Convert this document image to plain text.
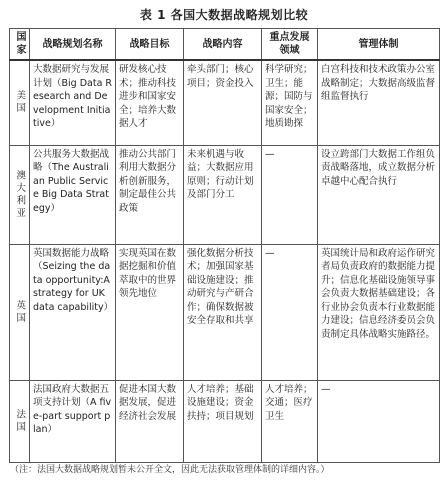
表 1 各国大数据战略规划比较
国家	战略规划名称	战略目标	战略内容	重点发展领域	管理体制
美国	大数据研究与发展计划（Big Data Research and Development Initiative）	研发核心技术；推动科技进步和国家安全；培养大数据人才	牵头部门；核心项目；资金投入	科学研究；卫生；能源；国防与国家安全；地质勘探	白宫科技和技术政策办公室战略制定；大数据高级监督组监督执行
澳大利亚	公共服务大数据战略（The Australian Public Service Big Data Strategy）	推动公共部门利用大数据分析创新服务，制定最佳公共政策	未来机遇与收益；大数据应用原则；行动计划及部门分工	—	设立跨部门大数据工作组负责战略落地，成立数据分析卓越中心配合执行
英国	英国数据能力战略（Seizing the data opportunity:A strategy for UK data capability）	实现英国在数据挖掘和价值萃取中的世界领先地位	强化数据分析技术；加强国家基础设施建设；推动研究与产研合作；确保数据被安全存取和共享	—	英国统计局和政府运作研究者局负责政府的数据能力提升；信息化基础设施领导事会负责大数据基础建设；各行业协会负责本行业数据能力建设；信息经济委员会负责制定具体战略实施路径。
法国	法国政府大数据五项支持计划（A five-part support plan）	促进本国大数据发展，促进经济社会发展	人才培养；基础设施建设；资金扶持；项目规划	人才培养；交通；医疗卫生	—
（注：法国大数据战略规划暂未公开全文，因此无法获取管理体制的详细内容。）
